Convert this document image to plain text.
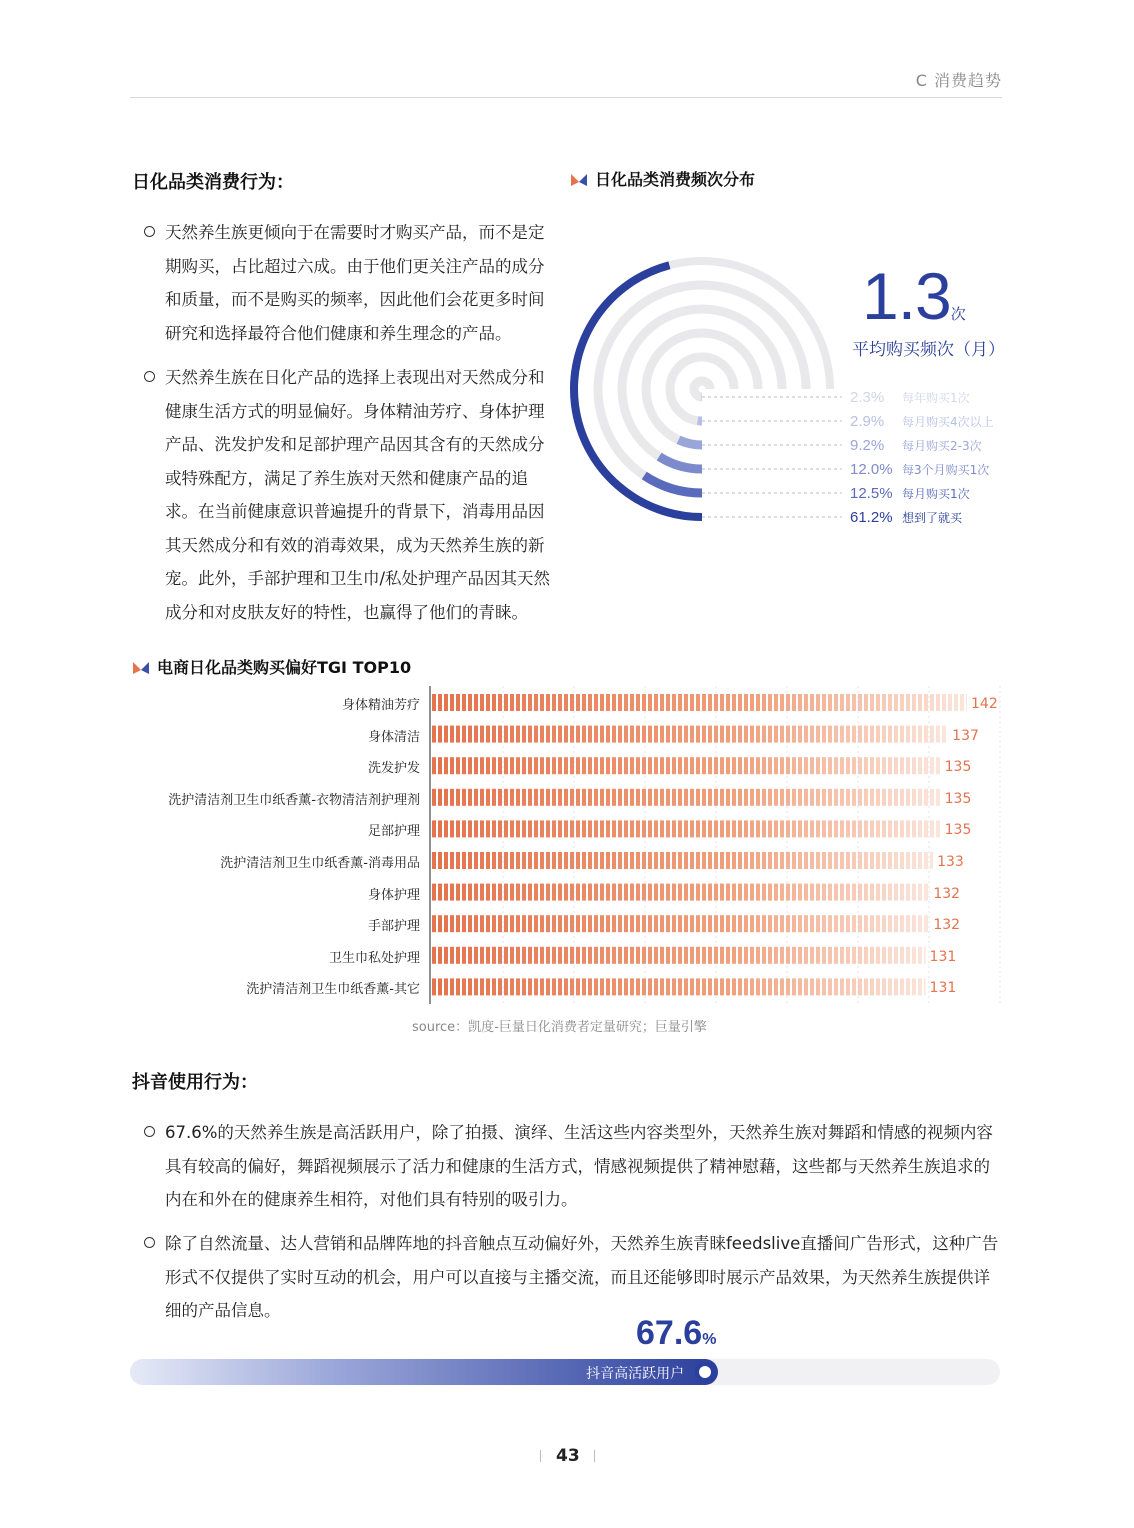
C 消费趋势
日化品类消费行为：
天然养生族更倾向于在需要时才购买产品，而不是定期购买，占比超过六成。由于他们更关注产品的成分和质量，而不是购买的频率，因此他们会花更多时间研究和选择最符合他们健康和养生理念的产品。
天然养生族在日化产品的选择上表现出对天然成分和健康生活方式的明显偏好。身体精油芳疗、身体护理产品、洗发护发和足部护理产品因其含有的天然成分或特殊配方，满足了养生族对天然和健康产品的追求。在当前健康意识普遍提升的背景下，消毒用品因其天然成分和有效的消毒效果，成为天然养生族的新宠。此外，手部护理和卫生巾/私处护理产品因其天然成分和对皮肤友好的特性，也赢得了他们的青睐。
日化品类消费频次分布
2.3% 每年购买1次
2.9% 每月购买4次以上
9.2% 每月购买2-3次
12.0% 每3个月购买1次
12.5% 每月购买1次
61.2% 想到了就买
1.3次
平均购买频次（月）
电商日化品类购买偏好TGI TOP10
身体精油芳疗	142
身体清洁	137
洗发护发	135
洗护清洁剂卫生巾纸香薰-衣物清洁剂护理剂	135
足部护理	135
洗护清洁剂卫生巾纸香薰-消毒用品	133
身体护理	132
手部护理	132
卫生巾私处护理	131
洗护清洁剂卫生巾纸香薰-其它	131
source：凯度-巨量日化消费者定量研究；巨量引擎
抖音使用行为：
67.6%的天然养生族是高活跃用户，除了拍摄、演绎、生活这些内容类型外，天然养生族对舞蹈和情感的视频内容具有较高的偏好，舞蹈视频展示了活力和健康的生活方式，情感视频提供了精神慰藉，这些都与天然养生族追求的内在和外在的健康养生相符，对他们具有特别的吸引力。
除了自然流量、达人营销和品牌阵地的抖音触点互动偏好外，天然养生族青睐feedslive直播间广告形式，这种广告形式不仅提供了实时互动的机会，用户可以直接与主播交流，而且还能够即时展示产品效果，为天然养生族提供详细的产品信息。
67.6%
抖音高活跃用户
43
